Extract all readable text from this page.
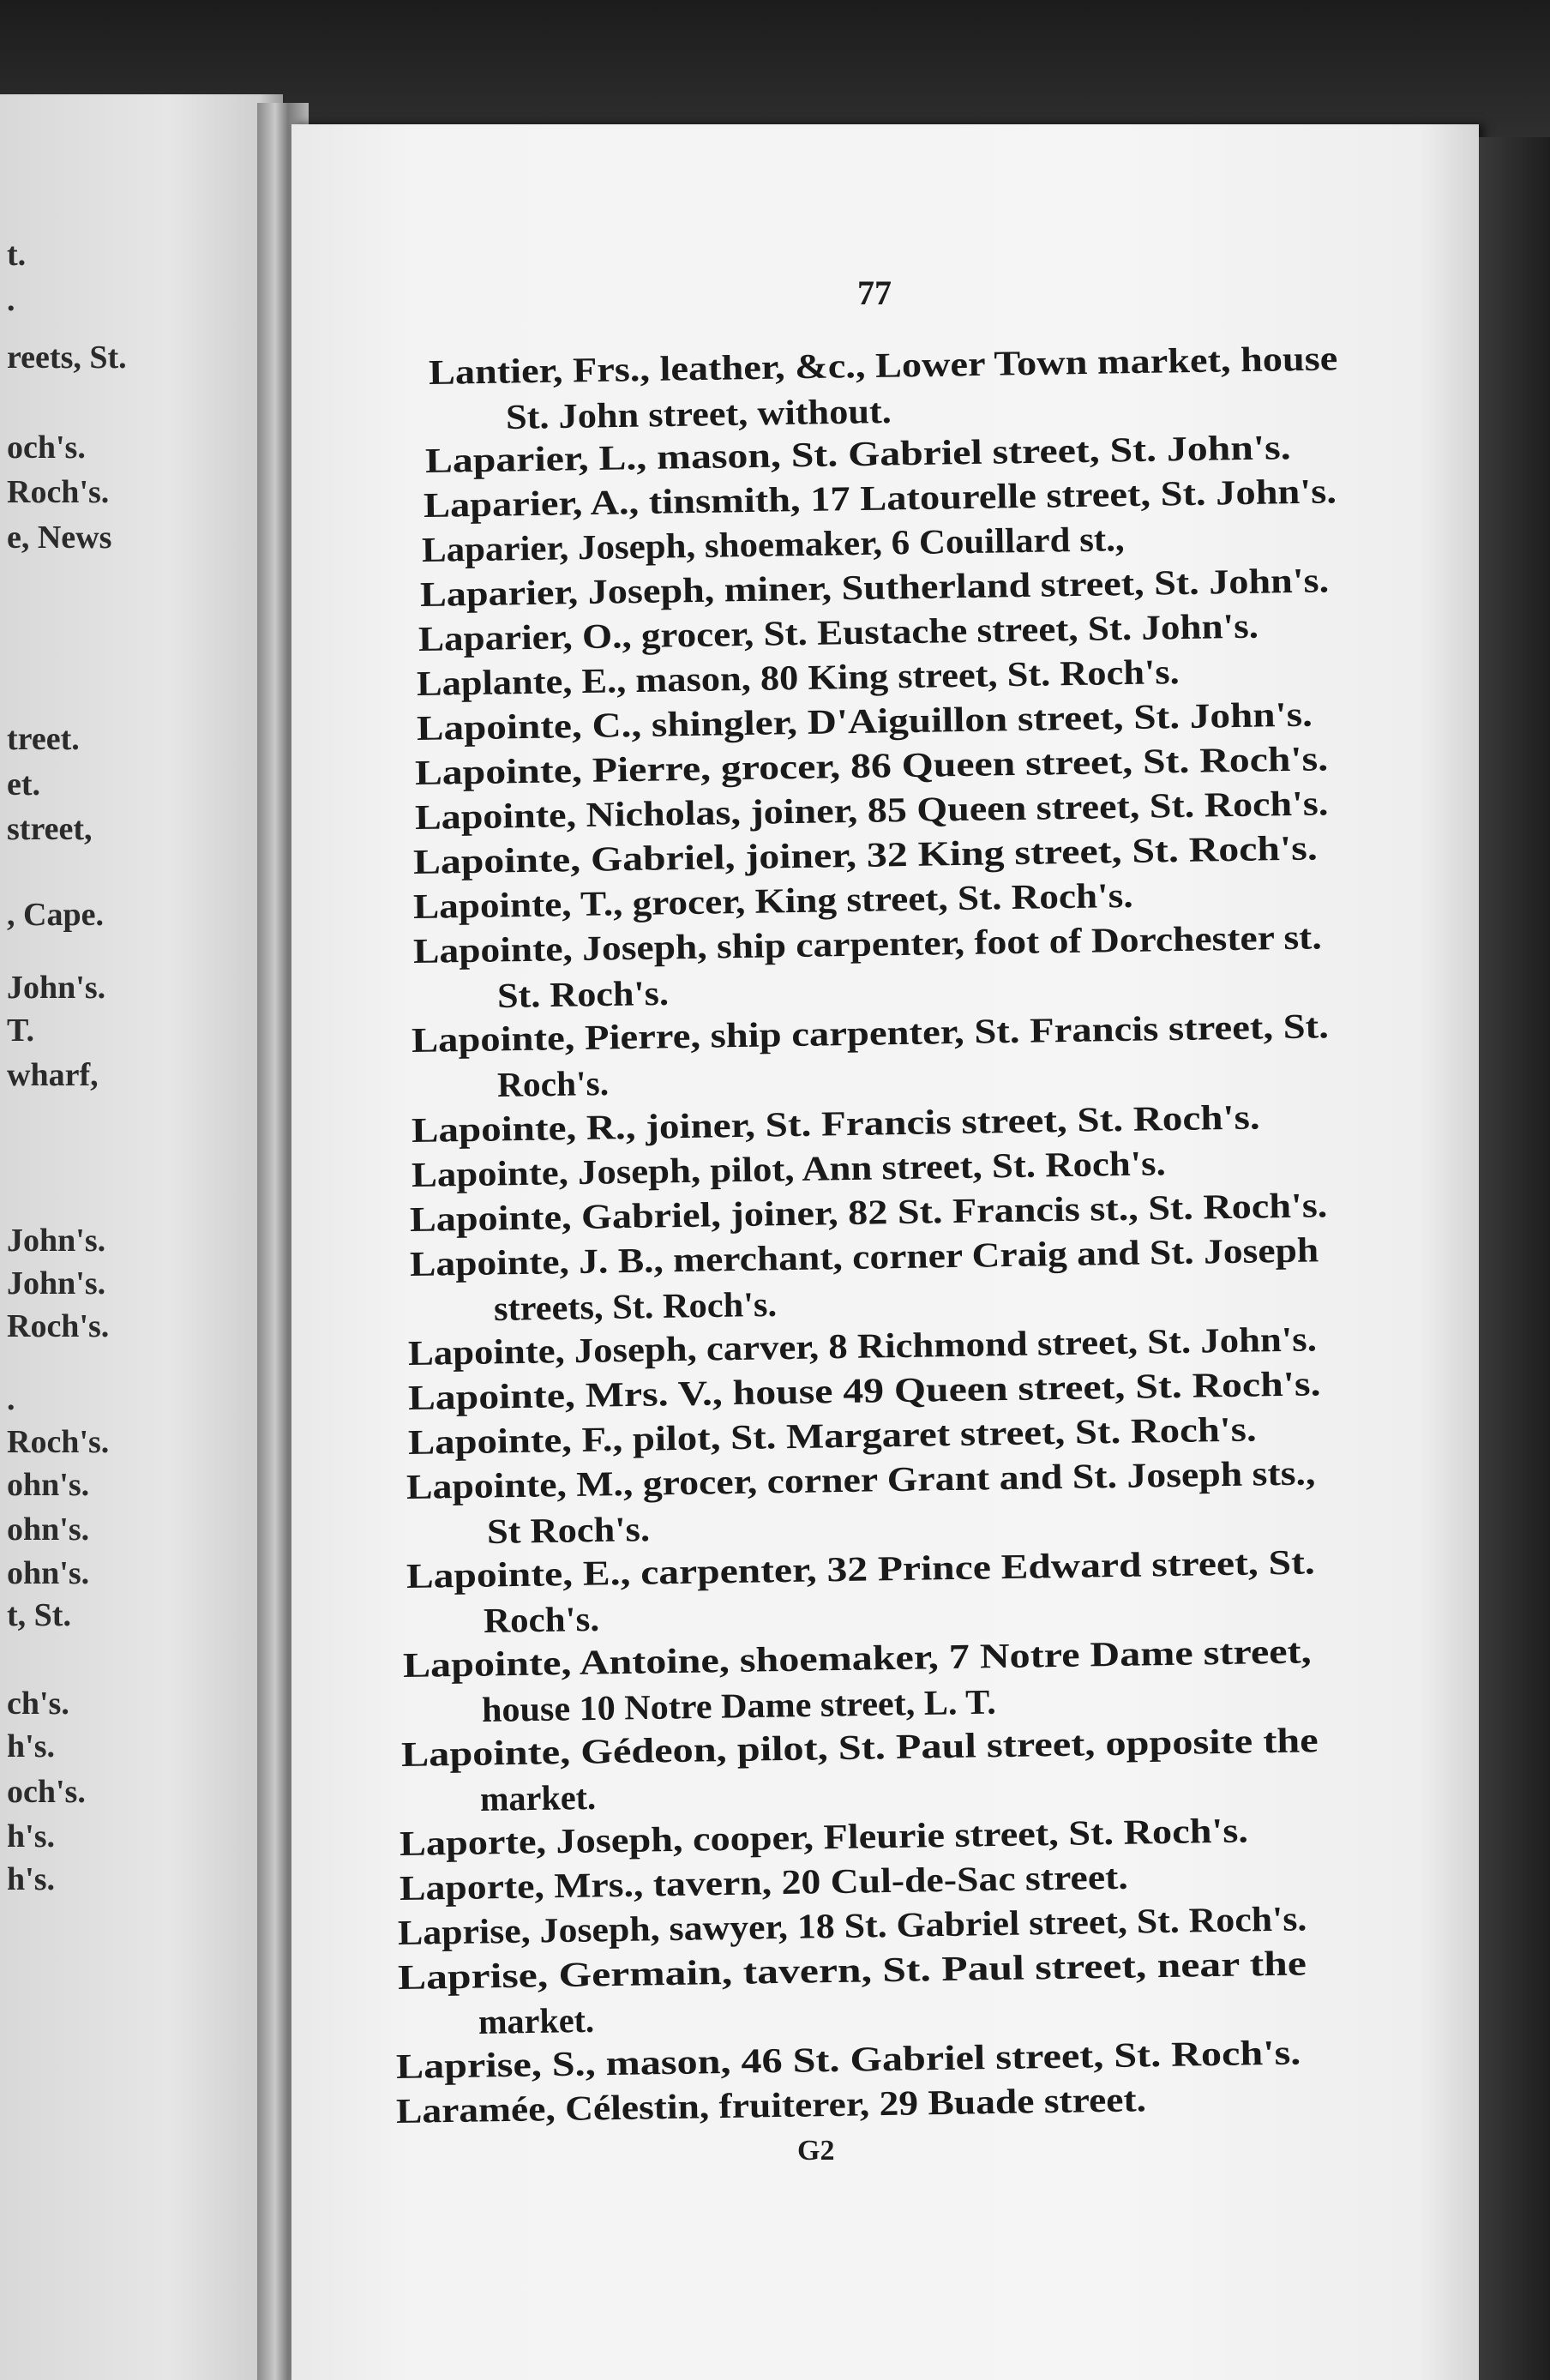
t.
.
reets, St.
och's.
Roch's.
e, News
treet.
et.
street,
, Cape.
John's.
T.
wharf,
John's.
John's.
Roch's.
.
Roch's.
ohn's.
ohn's.
ohn's.
t, St.
ch's.
h's.
och's.
h's.
h's.
77
Lantier, Frs., leather, &c., Lower Town market, house
St. John street, without.
Laparier, L., mason, St. Gabriel street, St. John's.
Laparier, A., tinsmith, 17 Latourelle street, St. John's.
Laparier, Joseph, shoemaker, 6 Couillard st.,
Laparier, Joseph, miner, Sutherland street, St. John's.
Laparier, O., grocer, St. Eustache street, St. John's.
Laplante, E., mason, 80 King street, St. Roch's.
Lapointe, C., shingler, D'Aiguillon street, St. John's.
Lapointe, Pierre, grocer, 86 Queen street, St. Roch's.
Lapointe, Nicholas, joiner, 85 Queen street, St. Roch's.
Lapointe, Gabriel, joiner, 32 King street, St. Roch's.
Lapointe, T., grocer, King street, St. Roch's.
Lapointe, Joseph, ship carpenter, foot of Dorchester st.
St. Roch's.
Lapointe, Pierre, ship carpenter, St. Francis street, St.
Roch's.
Lapointe, R., joiner, St. Francis street, St. Roch's.
Lapointe, Joseph, pilot, Ann street, St. Roch's.
Lapointe, Gabriel, joiner, 82 St. Francis st., St. Roch's.
Lapointe, J. B., merchant, corner Craig and St. Joseph
streets, St. Roch's.
Lapointe, Joseph, carver, 8 Richmond street, St. John's.
Lapointe, Mrs. V., house 49 Queen street, St. Roch's.
Lapointe, F., pilot, St. Margaret street, St. Roch's.
Lapointe, M., grocer, corner Grant and St. Joseph sts.,
St Roch's.
Lapointe, E., carpenter, 32 Prince Edward street, St.
Roch's.
Lapointe, Antoine, shoemaker, 7 Notre Dame street,
house 10 Notre Dame street, L. T.
Lapointe, Gédeon, pilot, St. Paul street, opposite the
market.
Laporte, Joseph, cooper, Fleurie street, St. Roch's.
Laporte, Mrs., tavern, 20 Cul-de-Sac street.
Laprise, Joseph, sawyer, 18 St. Gabriel street, St. Roch's.
Laprise, Germain, tavern, St. Paul street, near the
market.
Laprise, S., mason, 46 St. Gabriel street, St. Roch's.
Laramée, Célestin, fruiterer, 29 Buade street.
G2
